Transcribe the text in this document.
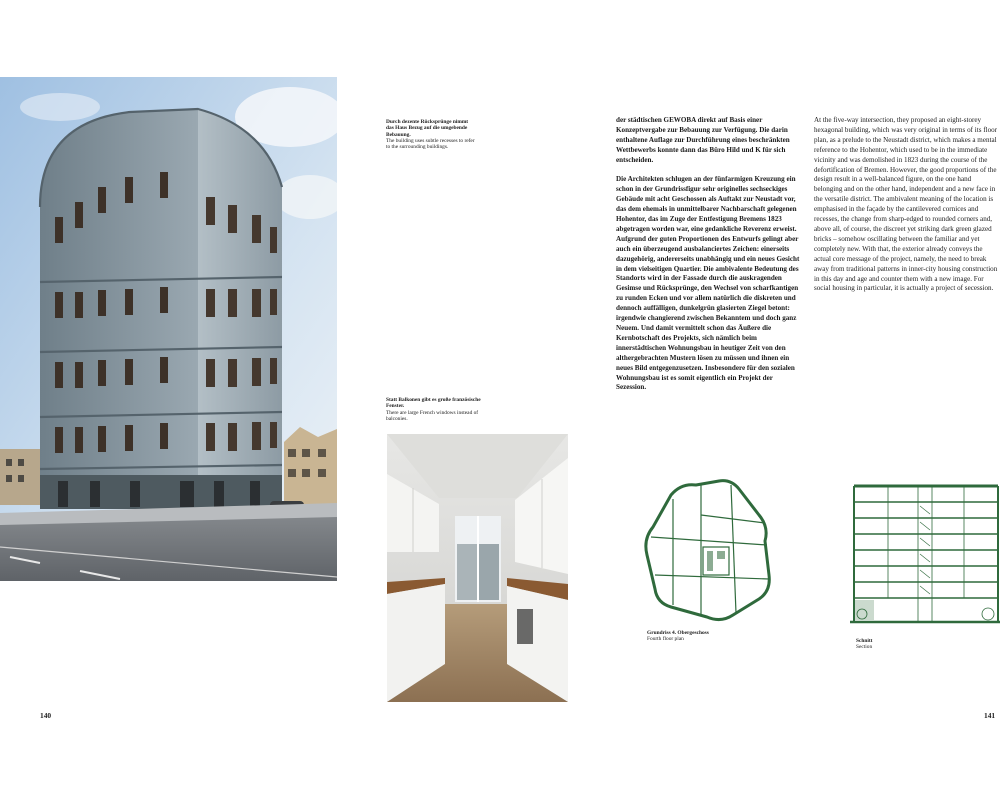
Durch dezente Rücksprünge nimmt das Haus Bezug auf die umgebende Bebauung.
The building uses subtle recesses to refer to the surrounding buildings.
Statt Balkonen gibt es große französische Fenster.
There are large French windows instead of balconies.
140

der städtischen GEWOBA direkt auf Basis einer Konzeptvergabe zur Bebauung zur Verfügung. Die darin enthaltene Auflage zur Durchführung eines beschränkten Wettbewerbs konnte dann das Büro Hild und K für sich entscheiden.

Die Architekten schlugen an der fünfarmigen Kreuzung ein schon in der Grundrissfigur sehr originelles sechseckiges Gebäude mit acht Geschossen als Auftakt zur Neustadt vor, das dem ehemals in unmittelbarer Nachbarschaft gelegenen Hohentor, das im Zuge der Entfestigung Bremens 1823 abgetragen worden war, eine gedankliche Reverenz erweist. Aufgrund der guten Proportionen des Entwurfs gelingt aber auch ein überzeugend ausbalanciertes Zeichen: einerseits dazugehörig, andererseits unabhängig und ein neues Gesicht in dem vielseitigen Quartier. Die ambivalente Bedeutung des Standorts wird in der Fassade durch die auskragenden Gesimse und Rücksprünge, den Wechsel von scharfkantigen zu runden Ecken und vor allem natürlich die diskreten und dennoch auffälligen, dunkelgrün glasierten Ziegel betont: irgendwie changierend zwischen Bekanntem und doch ganz Neuem. Und damit vermittelt schon das Äußere die Kernbotschaft des Projekts, sich nämlich beim innerstädtischen Wohnungsbau in heutiger Zeit von den althergebrachten Mustern lösen zu müssen und ihnen ein neues Bild entgegenzusetzen. Insbesondere für den sozialen Wohnungsbau ist es somit eigentlich ein Projekt der Sezession.

At the five-way intersection, they proposed an eight-storey hexagonal building, which was very original in terms of its floor plan, as a prelude to the Neustadt district, which makes a mental reference to the Hohentor, which used to be in the immediate vicinity and was demolished in 1823 during the course of the defortification of Bremen. However, the good proportions of the design result in a well-balanced figure, on the one hand belonging and on the other hand, independent and a new face in the versatile district. The ambivalent meaning of the location is emphasised in the façade by the cantilevered cornices and recesses, the change from sharp-edged to rounded corners and, above all, of course, the discreet yet striking dark green glazed bricks – somehow oscillating between the familiar and yet completely new. With that, the exterior already conveys the actual core message of the project, namely, the need to break away from traditional patterns in inner-city housing construction in this day and age and counter them with a new image. For social housing in particular, it is actually a project of secession.

Grundriss 4. Obergeschoss
Fourth floor plan	Schnitt
Section
141
